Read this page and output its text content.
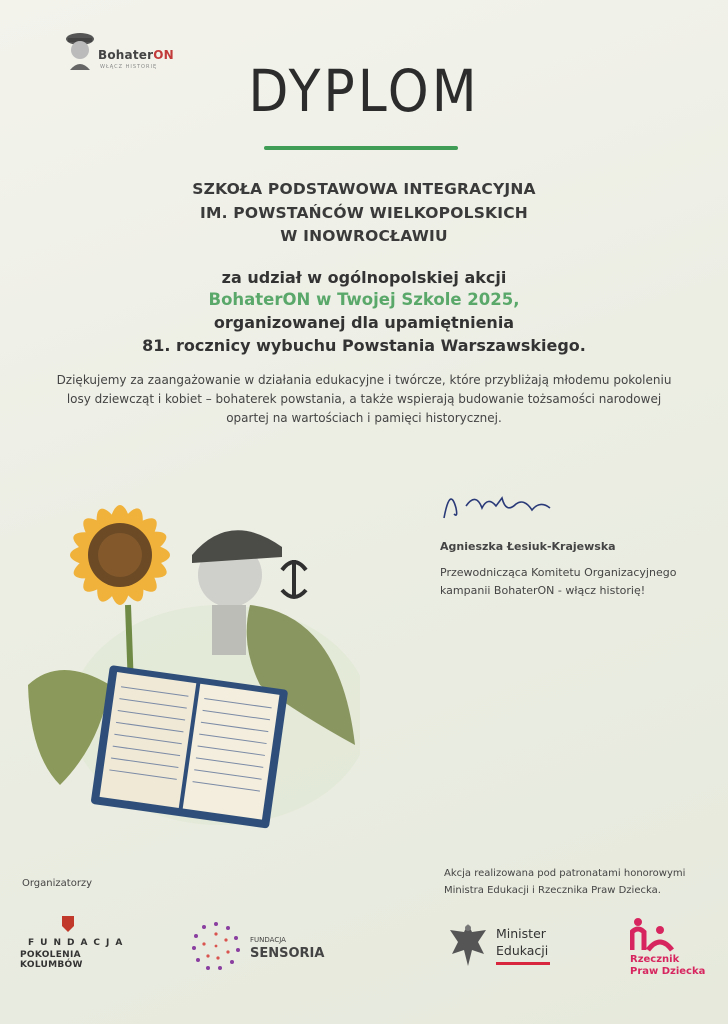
BohaterON
WŁĄCZ HISTORIĘ	DYPLOM
SZKOŁA PODSTAWOWA INTEGRACYJNA
IM. POWSTAŃCÓW WIELKOPOLSKICH
W INOWROCŁAWIU
za udział w ogólnopolskiej akcji
BohaterON w Twojej Szkole 2025,
organizowanej dla upamiętnienia
81. rocznicy wybuchu Powstania Warszawskiego.
Dziękujemy za zaangażowanie w działania edukacyjne i twórcze, które przybliżają młodemu pokoleniu losy dziewcząt i kobiet – bohaterek powstania, a także wspierają budowanie tożsamości narodowej opartej na wartościach i pamięci historycznej.
Agnieszka Łesiuk-Krajewska
Przewodnicząca Komitetu Organizacyjnego
kampanii BohaterON - włącz historię!
Organizatorzy
Akcja realizowana pod patronatami honorowymi
Ministra Edukacji i Rzecznika Praw Dziecka.
FUNDACJA
POKOLENIA KOLUMBÓW
FUNDACJA
SENSORIA
Minister
Edukacji
Rzecznik
Praw Dziecka
